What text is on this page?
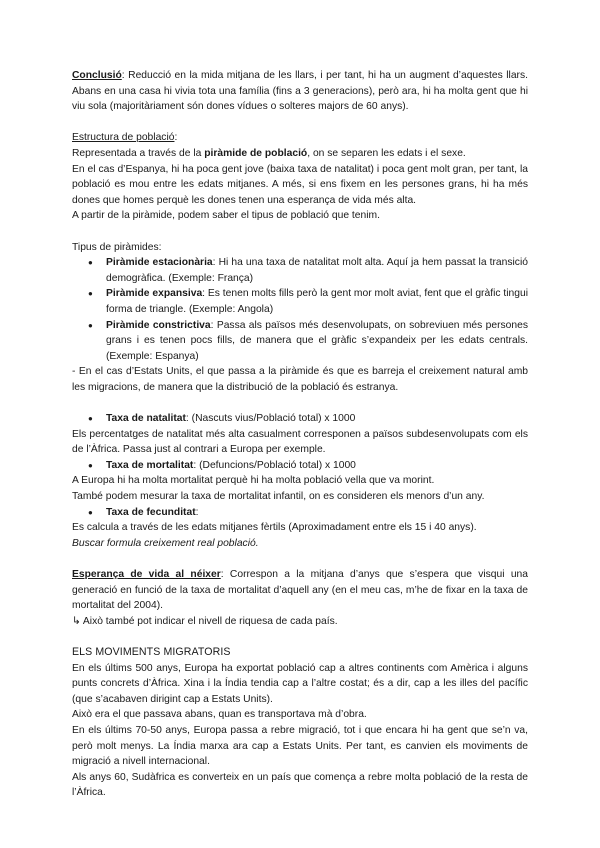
Conclusió: Reducció en la mida mitjana de les llars, i per tant, hi ha un augment d’aquestes llars. Abans en una casa hi vivia tota una família (fins a 3 generacions), però ara, hi ha molta gent que hi viu sola (majoritàriament són dones vídues o solteres majors de 60 anys).

Estructura de població:

Representada a través de la piràmide de població, on se separen les edats i el sexe.

En el cas d’Espanya, hi ha poca gent jove (baixa taxa de natalitat) i poca gent molt gran, per tant, la població es mou entre les edats mitjanes. A més, si ens fixem en les persones grans, hi ha més dones que homes perquè les dones tenen una esperança de vida més alta.

A partir de la piràmide, podem saber el tipus de població que tenim.

Tipus de piràmides:

● Piràmide estacionària: Hi ha una taxa de natalitat molt alta. Aquí ja hem passat la transició demogràfica. (Exemple: França)
● Piràmide expansiva: Es tenen molts fills però la gent mor molt aviat, fent que el gràfic tingui forma de triangle. (Exemple: Angola)
● Piràmide constrictiva: Passa als països més desenvolupats, on sobreviuen més persones grans i es tenen pocs fills, de manera que el gràfic s’expandeix per les edats centrals. (Exemple: Espanya)

- En el cas d’Estats Units, el que passa a la piràmide és que es barreja el creixement natural amb les migracions, de manera que la distribució de la població és estranya.

● Taxa de natalitat: (Nascuts vius/Població total) x 1000

Els percentatges de natalitat més alta casualment corresponen a països subdesenvolupats com els de l’Àfrica. Passa just al contrari a Europa per exemple.

● Taxa de mortalitat: (Defuncions/Població total) x 1000

A Europa hi ha molta mortalitat perquè hi ha molta població vella que va morint.

També podem mesurar la taxa de mortalitat infantil, on es consideren els menors d’un any.

● Taxa de fecunditat:

Es calcula a través de les edats mitjanes fèrtils (Aproximadament entre els 15 i 40 anys).

Buscar formula creixement real població.

Esperança de vida al néixer: Correspon a la mitjana d’anys que s’espera que visqui una generació en funció de la taxa de mortalitat d’aquell any (en el meu cas, m’he de fixar en la taxa de mortalitat del 2004).

↳ Això també pot indicar el nivell de riquesa de cada país.

ELS MOVIMENTS MIGRATORIS

En els últims 500 anys, Europa ha exportat població cap a altres continents com Amèrica i alguns punts concrets d’Àfrica. Xina i la Índia tendia cap a l’altre costat; és a dir, cap a les illes del pacífic (que s’acabaven dirigint cap a Estats Units).

Això era el que passava abans, quan es transportava mà d’obra.

En els últims 70-50 anys, Europa passa a rebre migració, tot i que encara hi ha gent que se’n va, però molt menys. La Índia marxa ara cap a Estats Units. Per tant, es canvien els moviments de migració a nivell internacional.

Als anys 60, Sudàfrica es converteix en un país que comença a rebre molta població de la resta de l’Àfrica.
